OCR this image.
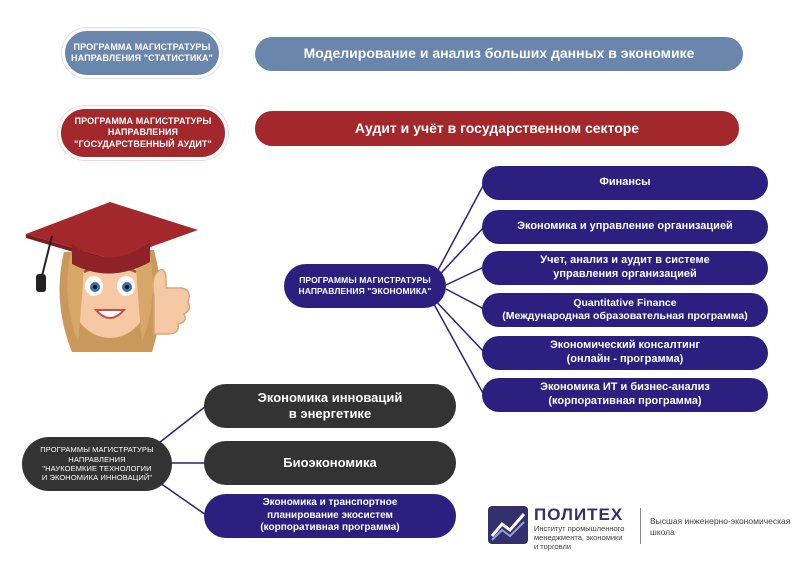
Моделирование и анализ больших данных в экономике
ПРОГРАММА МАГИСТРАТУРЫ
НАПРАВЛЕНИЯ "СТАТИСТИКА"
Аудит и учёт в государственном секторе
ПРОГРАММА МАГИСТРАТУРЫ
НАПРАВЛЕНИЯ
"ГОСУДАРСТВЕННЫЙ АУДИТ"
Финансы
Экономика и управление организацией
Учет, анализ и аудит в системе
управления организацией
Quantitative Finance
(Международная образовательная программа)
Экономический консалтинг
(онлайн - программа)
Экономика ИТ и бизнес-анализ
(корпоративная программа)
ПРОГРАММЫ МАГИСТРАТУРЫ
НАПРАВЛЕНИЯ "ЭКОНОМИКА"
Экономика инноваций
в энергетике
Биоэкономика
Экономика и транспортное
планирование экосистем
(корпоративная программа)
ПРОГРАММЫ МАГИСТРАТУРЫ
НАПРАВЛЕНИЯ
"НАУКОЕМКИЕ ТЕХНОЛОГИИ
И ЭКОНОМИКА ИННОВАЦИЙ"
ПОЛИТЕХ
Институт промышленного
менеджмента, экономики
и торговли
Высшая инженерно-экономическая
школа
